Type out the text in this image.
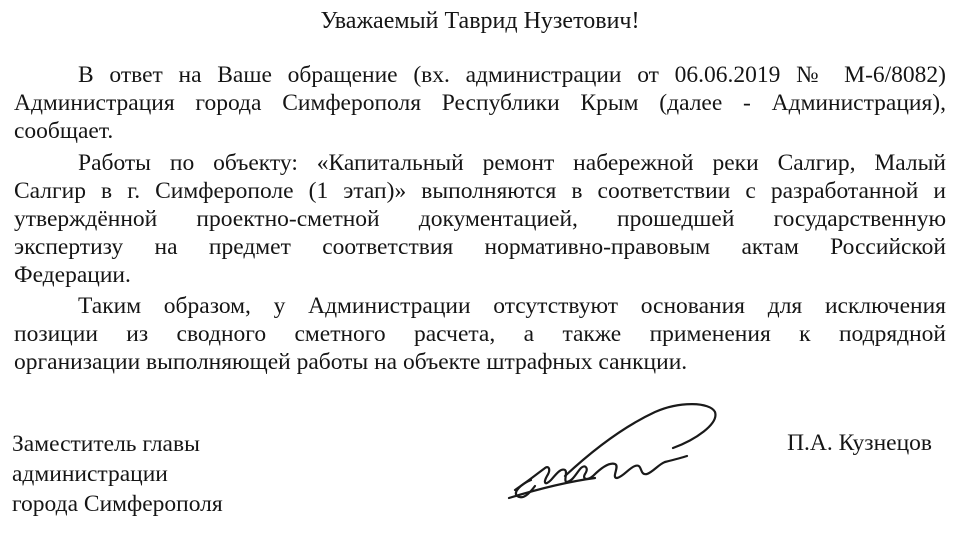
Уважаемый Таврид Нузетович!
В ответ на Ваше обращение (вх. администрации от 06.06.2019 № М-6/8082)
Администрация города Симферополя Республики Крым (далее - Администрация),
сообщает.
Работы по объекту: «Капитальный ремонт набережной реки Салгир, Малый
Салгир в г. Симферополе (1 этап)» выполняются в соответствии с разработанной и
утверждённой проектно-сметной документацией, прошедшей государственную
экспертизу на предмет соответствия нормативно-правовым актам Российской
Федерации.
Таким образом, у Администрации отсутствуют основания для исключения
позиции из сводного сметного расчета, а также применения к подрядной
организации выполняющей работы на объекте штрафных санкции.
Заместитель главы
администрации
города Симферополя
П.А. Кузнецов
